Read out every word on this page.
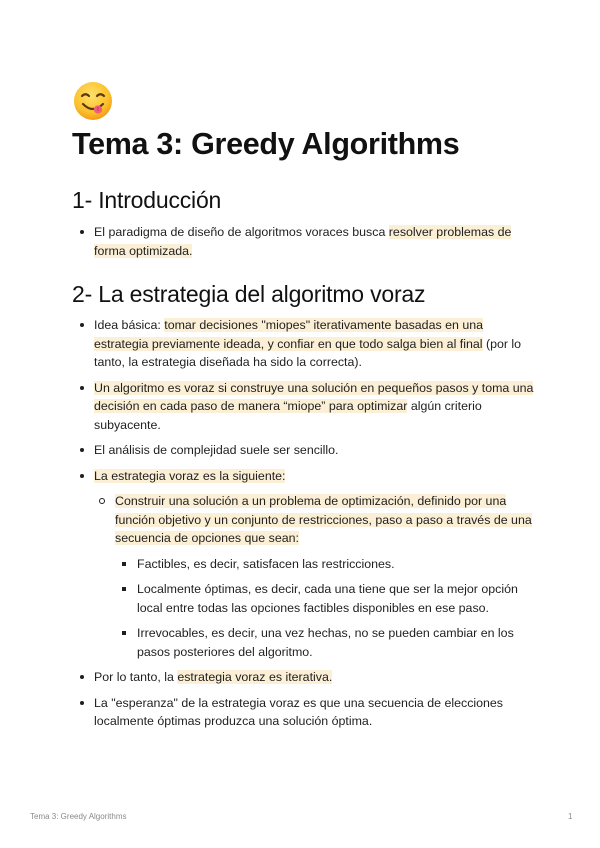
Tema 3: Greedy Algorithms
1- Introducción
El paradigma de diseño de algoritmos voraces busca resolver problemas de forma optimizada.
2- La estrategia del algoritmo voraz
Idea básica: tomar decisiones "miopes" iterativamente basadas en una estrategia previamente ideada, y confiar en que todo salga bien al final (por lo tanto, la estrategia diseñada ha sido la correcta).
Un algoritmo es voraz si construye una solución en pequeños pasos y toma una decisión en cada paso de manera “miope” para optimizar algún criterio subyacente.
El análisis de complejidad suele ser sencillo.
La estrategia voraz es la siguiente:
Construir una solución a un problema de optimización, definido por una función objetivo y un conjunto de restricciones, paso a paso a través de una secuencia de opciones que sean:
Factibles, es decir, satisfacen las restricciones.
Localmente óptimas, es decir, cada una tiene que ser la mejor opción local entre todas las opciones factibles disponibles en ese paso.
Irrevocables, es decir, una vez hechas, no se pueden cambiar en los pasos posteriores del algoritmo.
Por lo tanto, la estrategia voraz es iterativa.
La "esperanza" de la estrategia voraz es que una secuencia de elecciones localmente óptimas produzca una solución óptima.
Tema 3: Greedy Algorithms	1
